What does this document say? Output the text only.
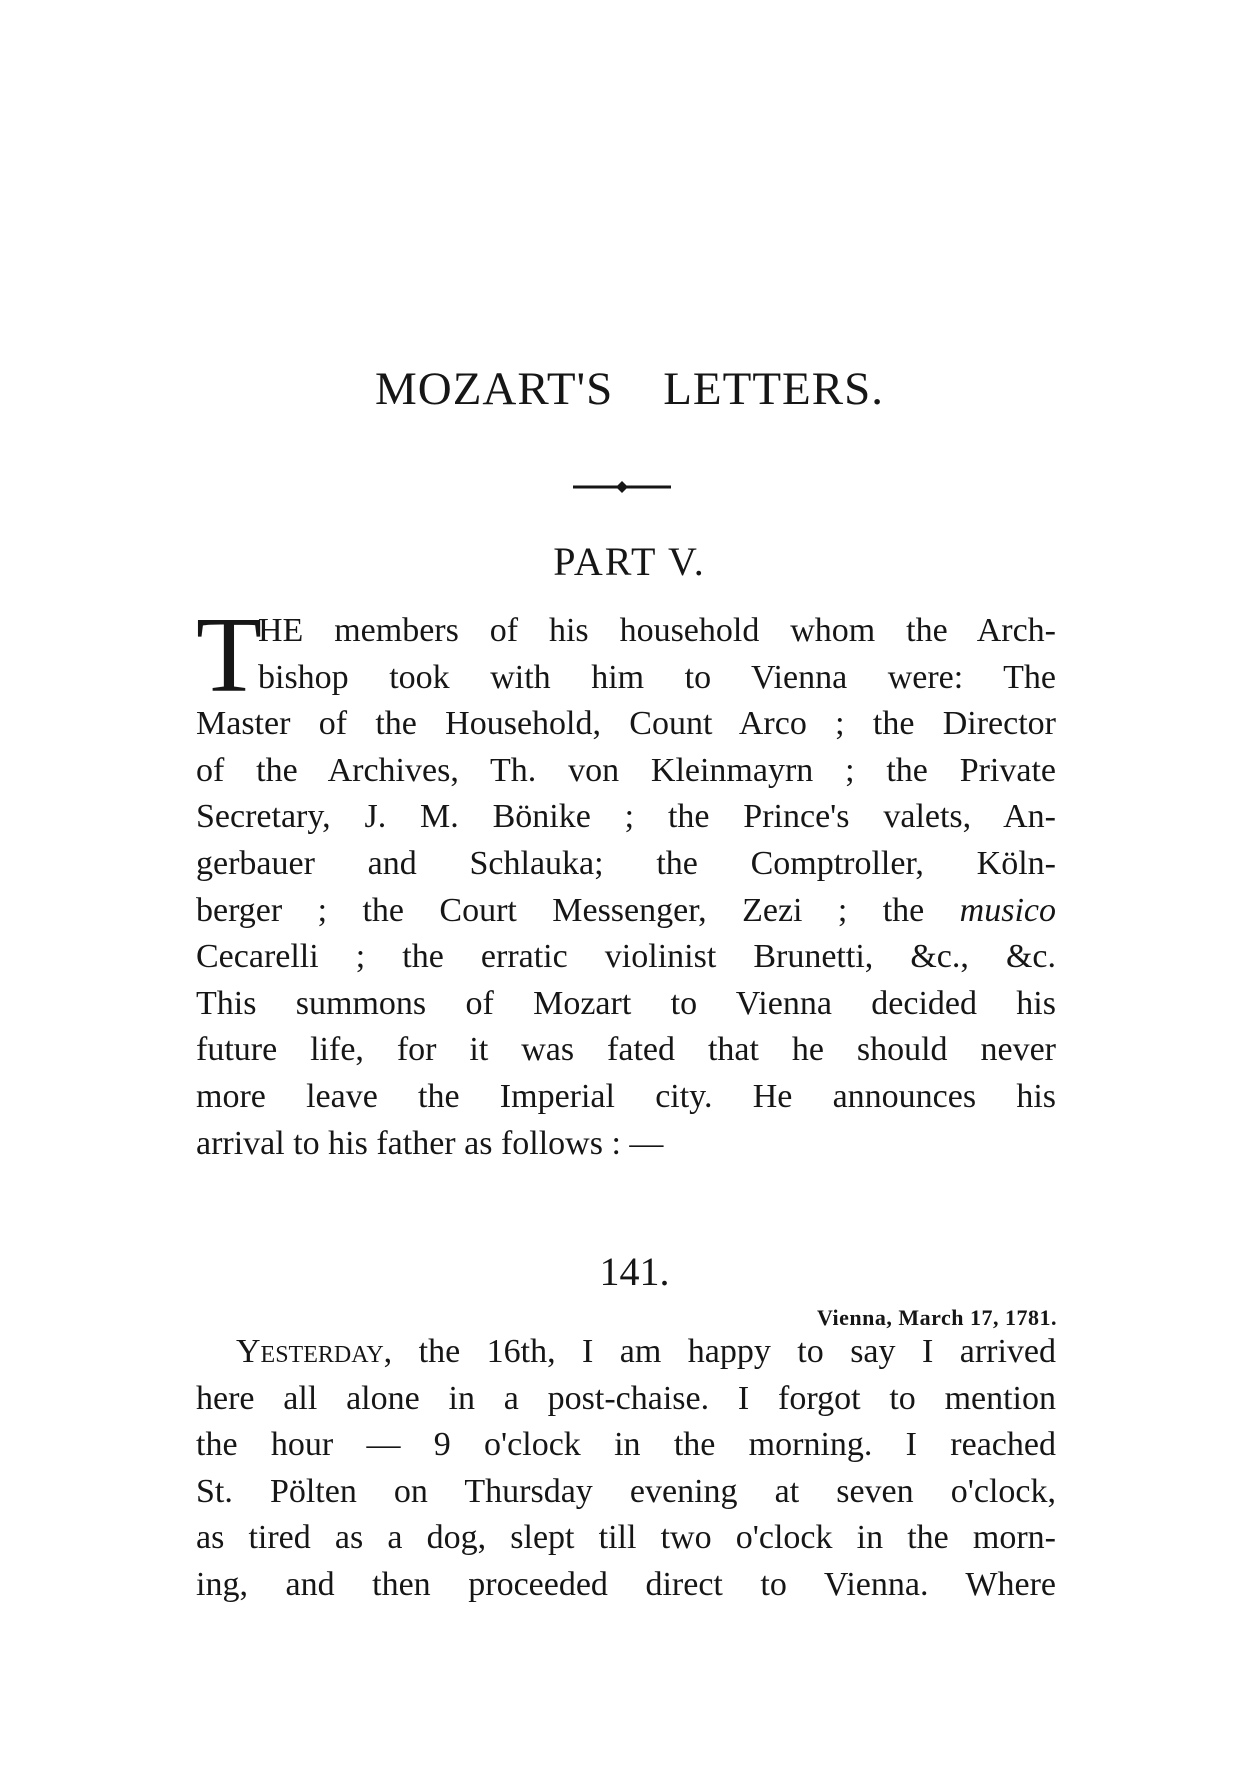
MOZART'S LETTERS.
PART V.
T
HE members of his household whom the Arch-
bishop took with him to Vienna were: The
Master of the Household, Count Arco ; the Director
of the Archives, Th. von Kleinmayrn ; the Private
Secretary, J. M. Bönike ; the Prince's valets, An-
gerbauer and Schlauka; the Comptroller, Köln-
berger ; the Court Messenger, Zezi ; the musico
Cecarelli ; the erratic violinist Brunetti, &c., &c.
This summons of Mozart to Vienna decided his
future life, for it was fated that he should never
more leave the Imperial city. He announces his
arrival to his father as follows : —
141.
Vienna, March 17, 1781.
Yesterday, the 16th, I am happy to say I arrived
here all alone in a post-chaise. I forgot to mention
the hour — 9 o'clock in the morning. I reached
St. Pölten on Thursday evening at seven o'clock,
as tired as a dog, slept till two o'clock in the morn-
ing, and then proceeded direct to Vienna. Where
